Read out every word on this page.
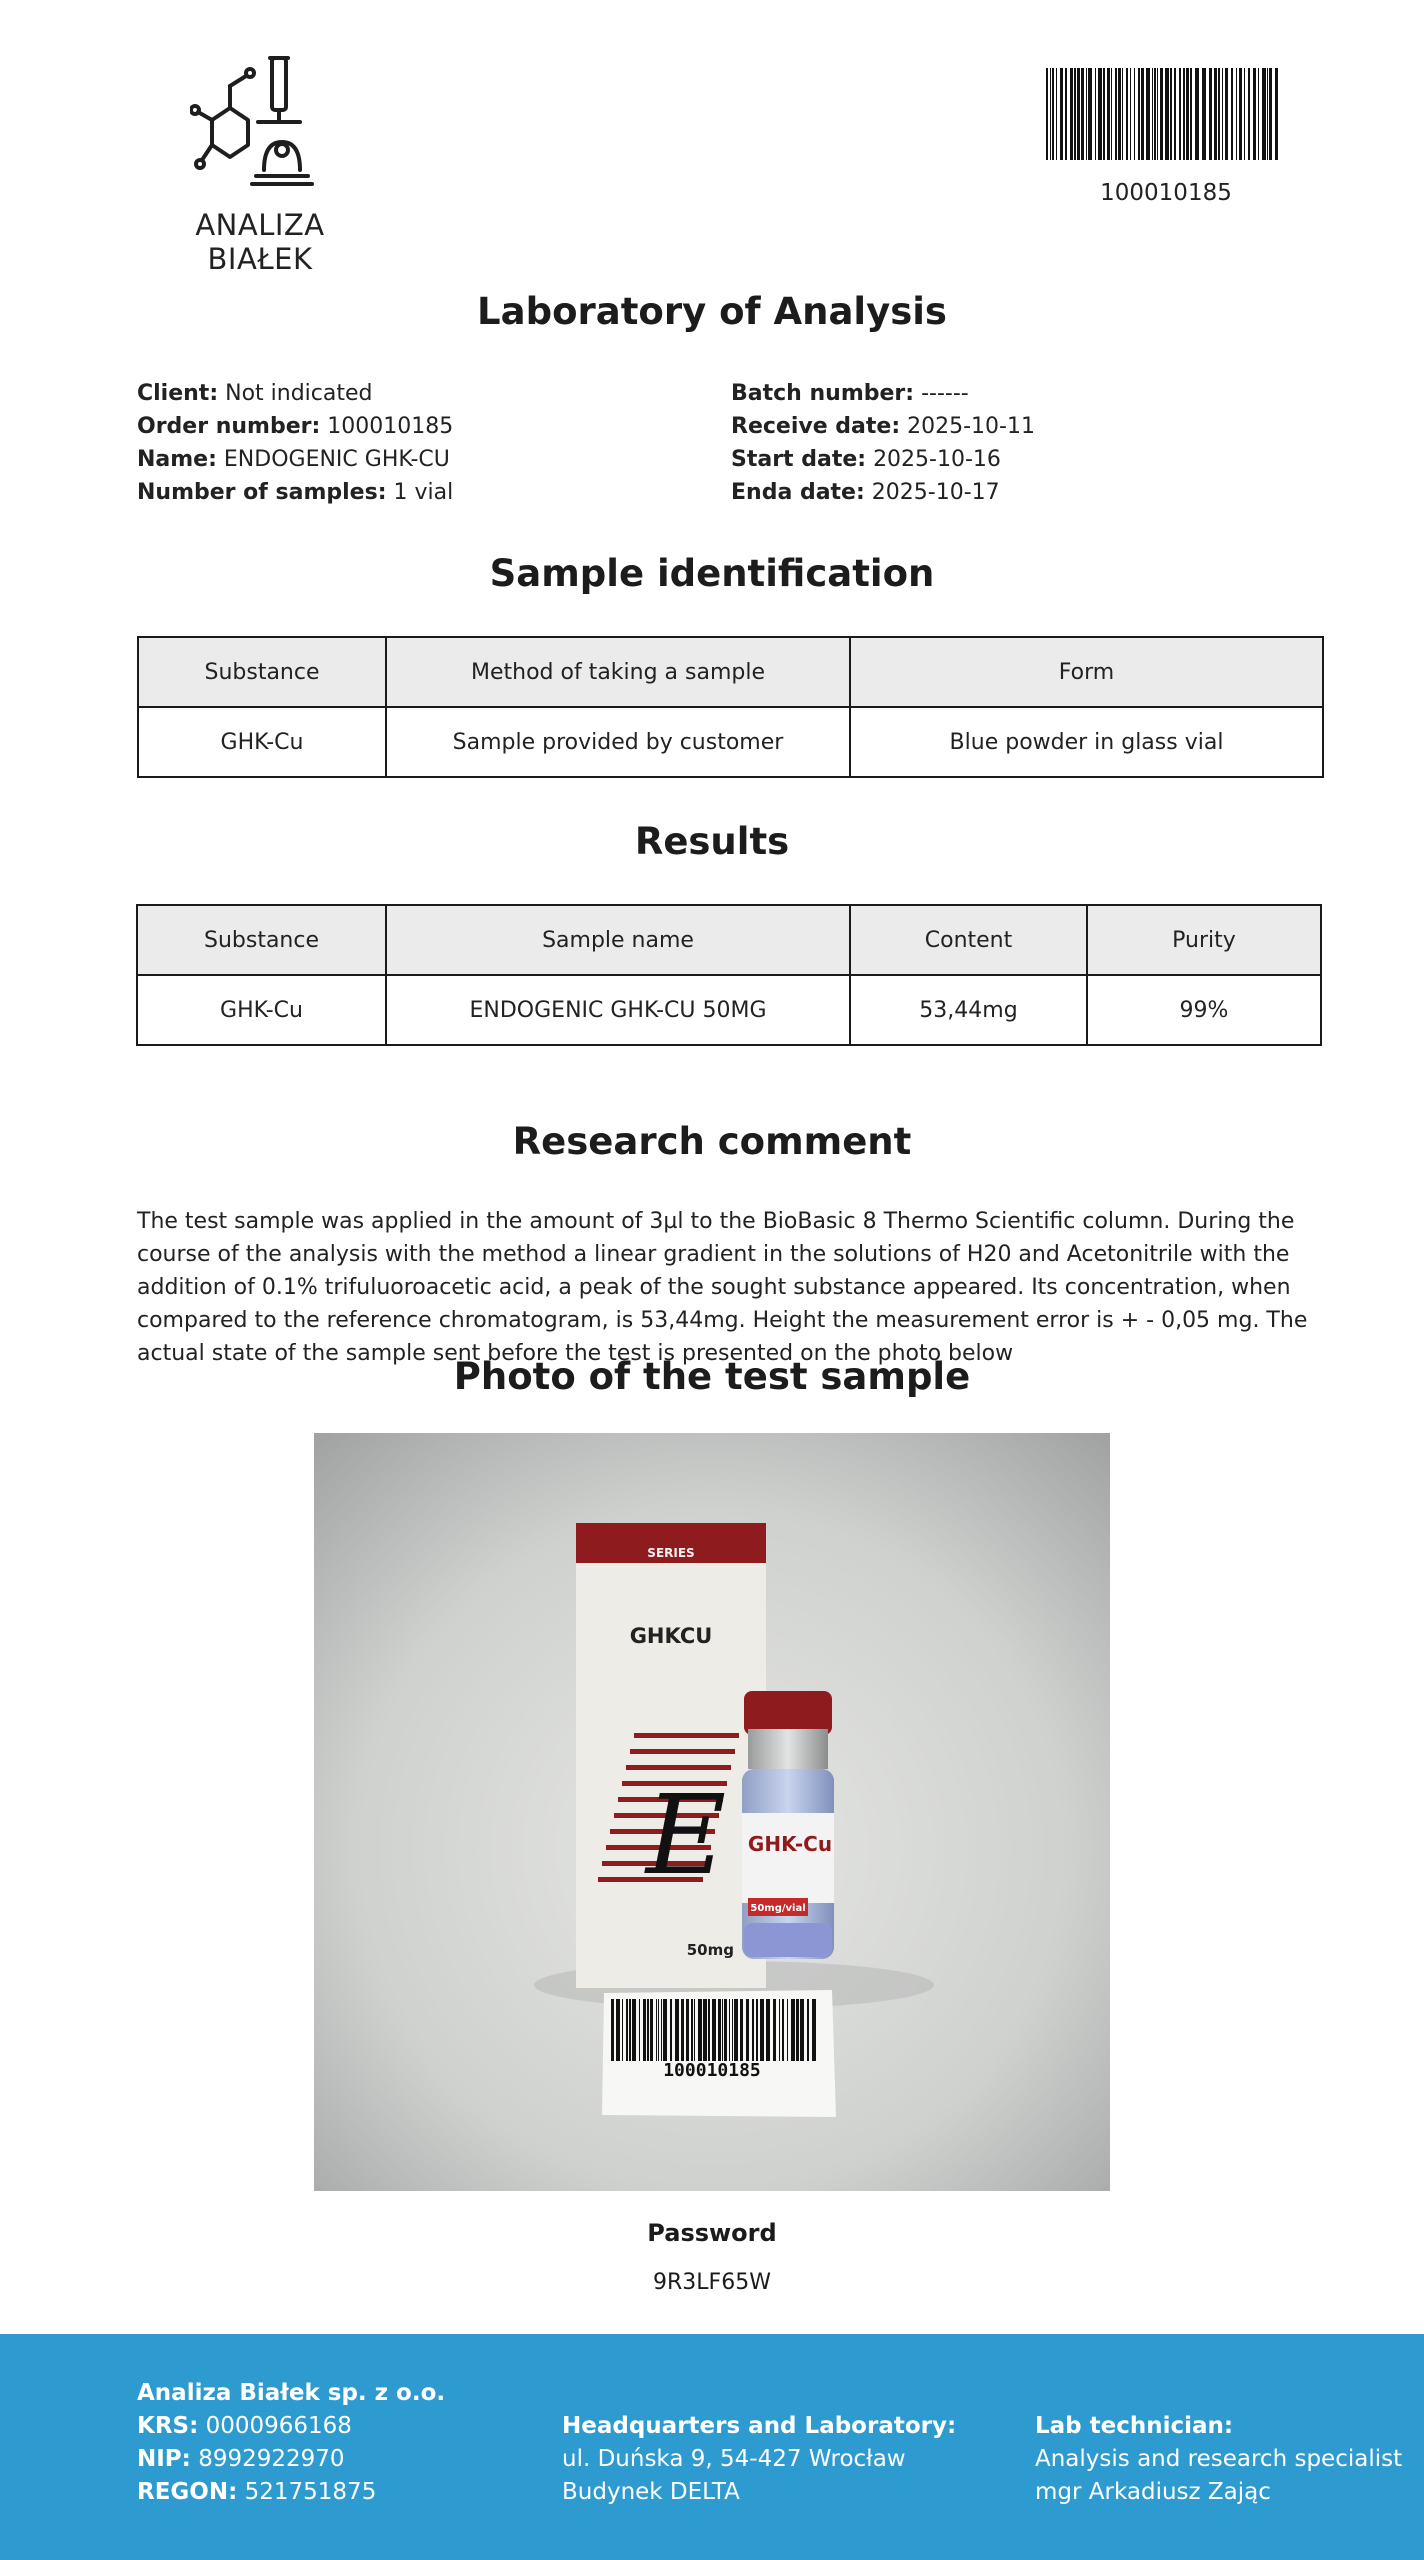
ANALIZA BIAŁEK
100010185
Laboratory of Analysis
Client: Not indicated
Order number: 100010185
Name: ENDOGENIC GHK-CU
Number of samples: 1 vial
Batch number: ------
Receive date: 2025-10-11
Start date: 2025-10-16
Enda date: 2025-10-17
Sample identification
Substance	Method of taking a sample	Form
GHK-Cu	Sample provided by customer	Blue powder in glass vial
Results
Substance	Sample name	Content	Purity
GHK-Cu	ENDOGENIC GHK-CU 50MG	53,44mg	99%
Research comment
The test sample was applied in the amount of 3µl to the BioBasic 8 Thermo Scientific column. During the course of the analysis with the method a linear gradient in the solutions of H20 and Acetonitrile with the addition of 0.1% trifuluoroacetic acid, a peak of the sought substance appeared. Its concentration, when compared to the reference chromatogram, is 53,44mg. Height the measurement error is + - 0,05 mg. The actual state of the sample sent before the test is presented on the photo below
Photo of the test sample
SERIES
GHKCU
E
50mg
GHK-Cu
50mg/vial
100010185
Password
9R3LF65W
Analiza Białek sp. z o.o.
KRS: 0000966168
NIP: 8992922970
REGON: 521751875
Headquarters and Laboratory:
ul. Duńska 9, 54-427 Wrocław
Budynek DELTA
Lab technician:
Analysis and research specialist
mgr Arkadiusz Zając
